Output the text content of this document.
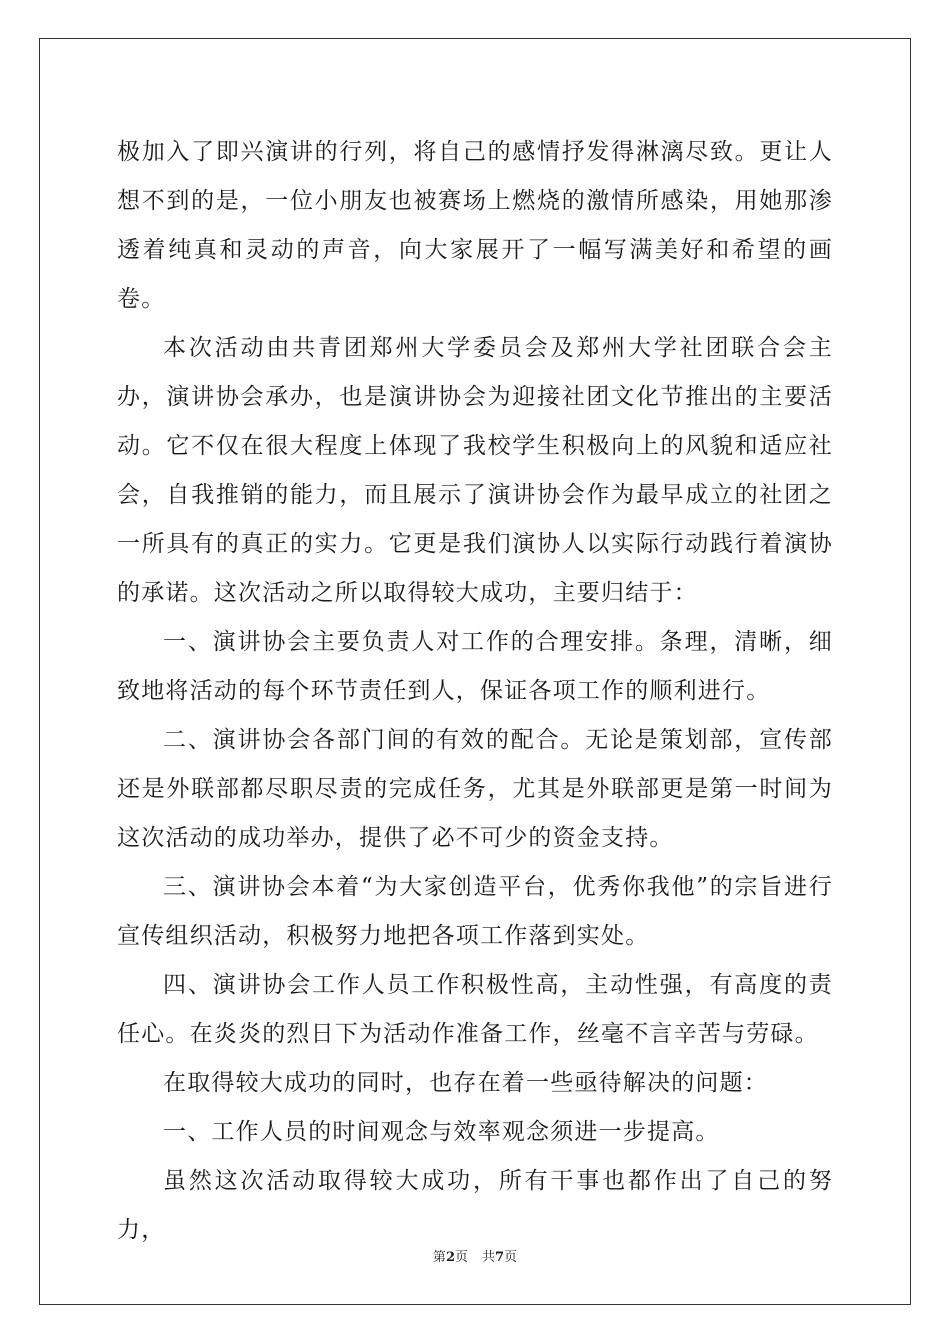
极加入了即兴演讲的行列，将自己的感情抒发得淋漓尽致。更让人想不到的是，一位小朋友也被赛场上燃烧的激情所感染，用她那渗透着纯真和灵动的声音，向大家展开了一幅写满美好和希望的画卷。

本次活动由共青团郑州大学委员会及郑州大学社团联合会主办，演讲协会承办，也是演讲协会为迎接社团文化节推出的主要活动。它不仅在很大程度上体现了我校学生积极向上的风貌和适应社会，自我推销的能力，而且展示了演讲协会作为最早成立的社团之一所具有的真正的实力。它更是我们演协人以实际行动践行着演协的承诺。这次活动之所以取得较大成功，主要归结于：

一、演讲协会主要负责人对工作的合理安排。条理，清晰，细致地将活动的每个环节责任到人，保证各项工作的顺利进行。

二、演讲协会各部门间的有效的配合。无论是策划部，宣传部还是外联部都尽职尽责的完成任务，尤其是外联部更是第一时间为这次活动的成功举办，提供了必不可少的资金支持。

三、演讲协会本着“为大家创造平台，优秀你我他”的宗旨进行宣传组织活动，积极努力地把各项工作落到实处。

四、演讲协会工作人员工作积极性高，主动性强，有高度的责任心。在炎炎的烈日下为活动作准备工作，丝毫不言辛苦与劳碌。

在取得较大成功的同时，也存在着一些亟待解决的问题：

一、工作人员的时间观念与效率观念须进一步提高。

虽然这次活动取得较大成功，所有干事也都作出了自己的努力，

第2页 共7页
